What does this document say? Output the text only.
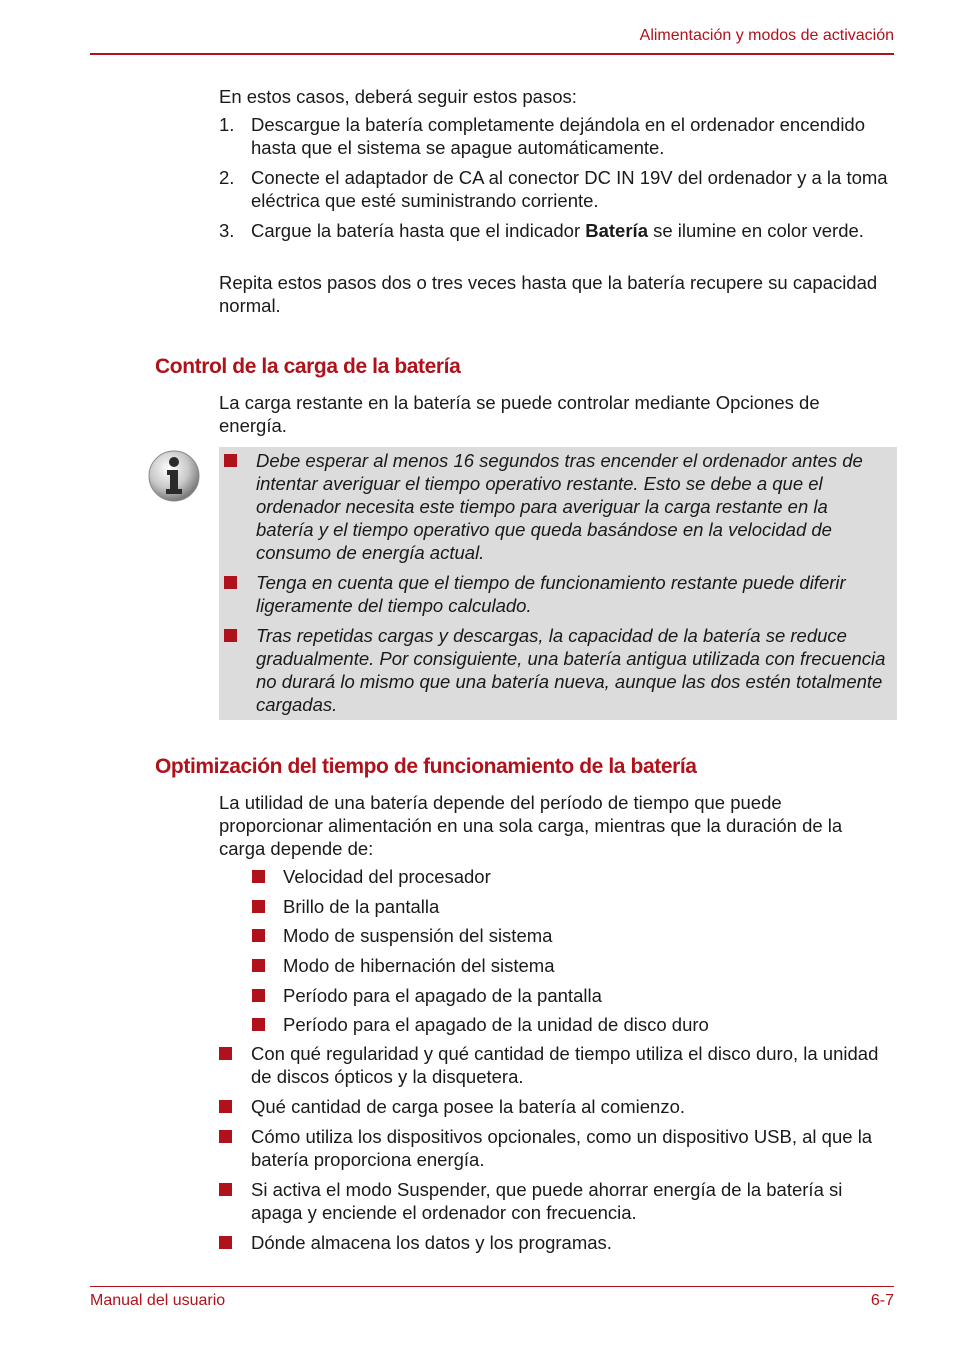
Alimentación y modos de activación

En estos casos, deberá seguir estos pasos:

1. Descargue la batería completamente dejándola en el ordenador encendido hasta que el sistema se apague automáticamente.
2. Conecte el adaptador de CA al conector DC IN 19V del ordenador y a la toma eléctrica que esté suministrando corriente.
3. Cargue la batería hasta que el indicador Batería se ilumine en color verde.

Repita estos pasos dos o tres veces hasta que la batería recupere su capacidad normal.

Control de la carga de la batería

La carga restante en la batería se puede controlar mediante Opciones de energía.

Debe esperar al menos 16 segundos tras encender el ordenador antes de intentar averiguar el tiempo operativo restante. Esto se debe a que el ordenador necesita este tiempo para averiguar la carga restante en la batería y el tiempo operativo que queda basándose en la velocidad de consumo de energía actual.
Tenga en cuenta que el tiempo de funcionamiento restante puede diferir ligeramente del tiempo calculado.
Tras repetidas cargas y descargas, la capacidad de la batería se reduce gradualmente. Por consiguiente, una batería antigua utilizada con frecuencia no durará lo mismo que una batería nueva, aunque las dos estén totalmente cargadas.
Optimización del tiempo de funcionamiento de la batería

La utilidad de una batería depende del período de tiempo que puede proporcionar alimentación en una sola carga, mientras que la duración de la carga depende de:

Velocidad del procesador
Brillo de la pantalla
Modo de suspensión del sistema
Modo de hibernación del sistema
Período para el apagado de la pantalla
Período para el apagado de la unidad de disco duro
Con qué regularidad y qué cantidad de tiempo utiliza el disco duro, la unidad de discos ópticos y la disquetera.
Qué cantidad de carga posee la batería al comienzo.
Cómo utiliza los dispositivos opcionales, como un dispositivo USB, al que la batería proporciona energía.
Si activa el modo Suspender, que puede ahorrar energía de la batería si apaga y enciende el ordenador con frecuencia.
Dónde almacena los datos y los programas.
Manual del usuario	6-7
